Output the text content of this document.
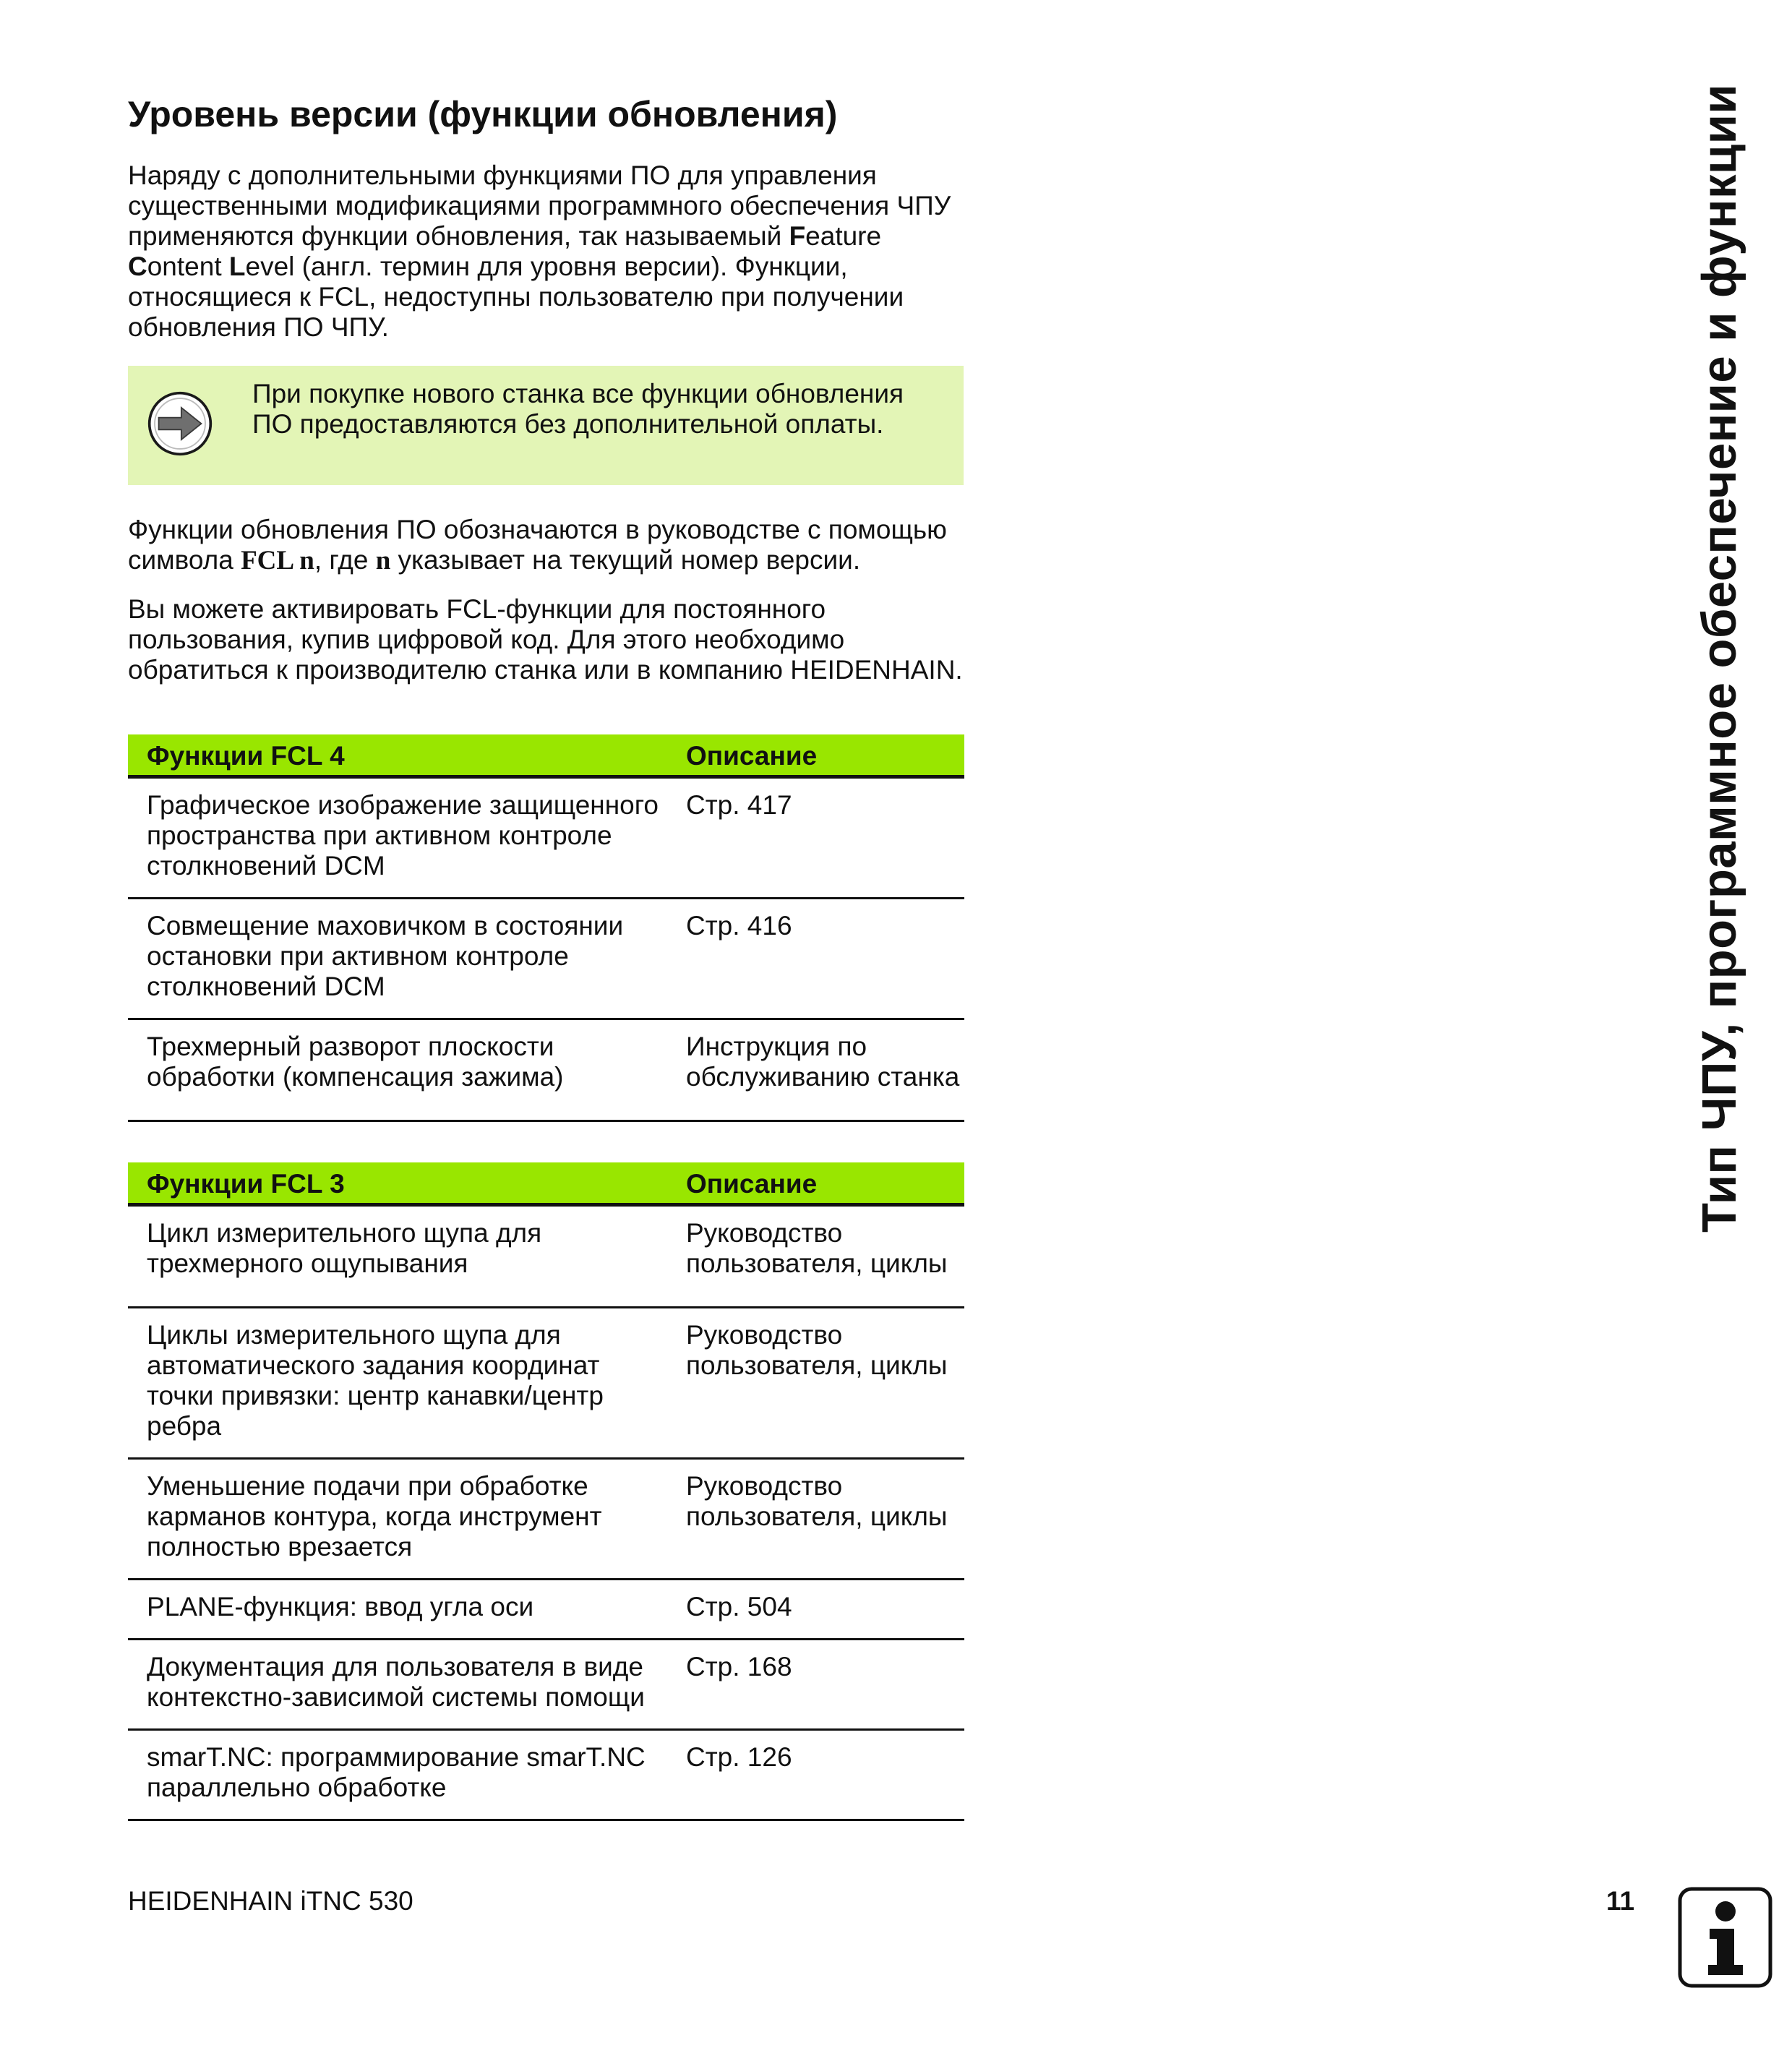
Уровень версии (функции обновления)

Наряду с дополнительными функциями ПО для управления существенными модификациями программного обеспечения ЧПУ применяются функции обновления, так называемый Feature Content Level (англ. термин для уровня версии). Функции, относящиеся к FCL, недоступны пользователю при получении обновления ПО ЧПУ.

При покупке нового станка все функции обновления ПО предоставляются без дополнительной оплаты.

Функции обновления ПО обозначаются в руководстве с помощью символа FCL n, где n указывает на текущий номер версии.

Вы можете активировать FCL-функции для постоянного пользования, купив цифровой код. Для этого необходимо обратиться к производителю станка или в компанию HEIDENHAIN.

Функции FCL 4	Описание
Графическое изображение защищенного пространства при активном контроле столкновений DCM	Стр. 417
Совмещение маховичком в состоянии остановки при активном контроле столкновений DCM	Стр. 416
Трехмерный разворот плоскости обработки (компенсация зажима)	Инструкция по обслуживанию станка
Функции FCL 3	Описание
Цикл измерительного щупа для трехмерного ощупывания	Руководство пользователя, циклы
Циклы измерительного щупа для автоматического задания координат точки привязки: центр канавки/центр ребра	Руководство пользователя, циклы
Уменьшение подачи при обработке карманов контура, когда инструмент полностью врезается	Руководство пользователя, циклы
PLANE-функция: ввод угла оси	Стр. 504
Документация для пользователя в виде контекстно-зависимой системы помощи	Стр. 168
smarT.NC: программирование smarT.NC параллельно обработке	Стр. 126
Тип ЧПУ, программное обеспечение и функции
HEIDENHAIN iTNC 530	11
